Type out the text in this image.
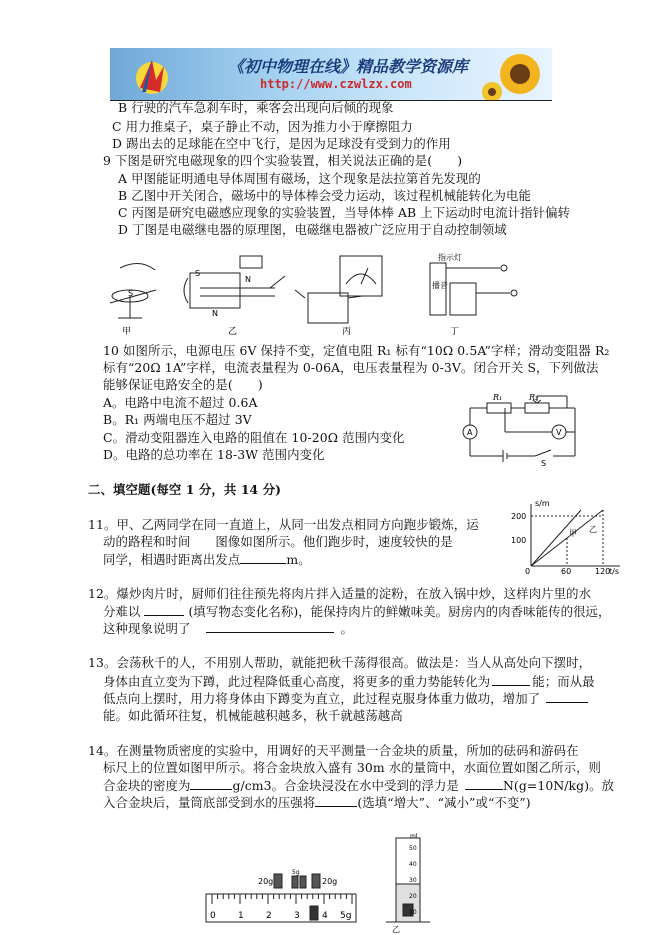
《初中物理在线》精品教学资源库
http://www.czwlzx.com
B 行驶的汽车急刹车时，乘客会出现向后倾的现象
C 用力推桌子，桌子静止不动，因为推力小于摩擦阻力
D 踢出去的足球能在空中飞行，是因为足球没有受到力的作用
9 下图是研究电磁现象的四个实验装置，相关说法正确的是(　　)
A 甲图能证明通电导体周围有磁场，这个现象是法拉第首先发现的
B 乙图中开关闭合，磁场中的导体棒会受力运动，该过程机械能转化为电能
C 丙图是研究电磁感应现象的实验装置，当导体棒 AB 上下运动时电流计指针偏转
D 丁图是电磁继电器的原理图，电磁继电器被广泛应用于自动控制领域
S
N
S
N
指示灯
播音
甲	乙	丙	丁
10 如图所示，电源电压 6V 保持不变，定值电阻 R₁ 标有“10Ω 0.5A”字样；滑动变阻器 R₂
标有“20Ω 1A”字样，电流表量程为 0-06A，电压表量程为 0-3V。闭合开关 S，下列做法
能够保证电路安全的是(　　)
A。电路中电流不超过 0.6A
B。R₁ 两端电压不超过 3V
C。滑动变阻器连入电路的阻值在 10-20Ω 范围内变化
D。电路的总功率在 18-3W 范围内变化
R₁	R₂
A	V
S
二、填空题(每空 1 分，共 14 分)
11。甲、乙两同学在同一直道上，从同一出发点相同方向跑步锻炼，运
动的路程和时间　　图像如图所示。他们跑步时，速度较快的是
同学，相遇时距离出发点	m。
s/m
t/s
200
100
0	60	120
甲 乙
12。爆炒肉片时，厨师们往往预先将肉片拌入适量的淀粉，在放入锅中炒，这样肉片里的水
分难以	(填写物态变化名称)，能保持肉片的鲜嫩味美。厨房内的肉香味能传的很远，
这种现象说明了	。
13。会荡秋千的人，不用别人帮助，就能把秋千荡得很高。做法是：当人从高处向下摆时，
身体由直立变为下蹲，此过程降低重心高度，将更多的重力势能转化为	能；而从最
低点向上摆时，用力将身体由下蹲变为直立，此过程克服身体重力做功，增加了
能。如此循环往复，机械能越积越多，秋千就越荡越高
14。在测量物质密度的实验中，用调好的天平测量一合金块的质量，所加的砝码和游码在
标尺上的位置如图甲所示。将合金块放入盛有 30m 水的量筒中，水面位置如图乙所示，则
合金块的密度为	g/cm3。合金块浸没在水中受到的浮力是	N(g=10N/kg)。放
入合金块后，量筒底部受到水的压强将	(选填“增大”、“减小”或“不变”)
20g
5g
20g
0 1 2 3 4 5g
ml
50
40
30
20
10
乙
